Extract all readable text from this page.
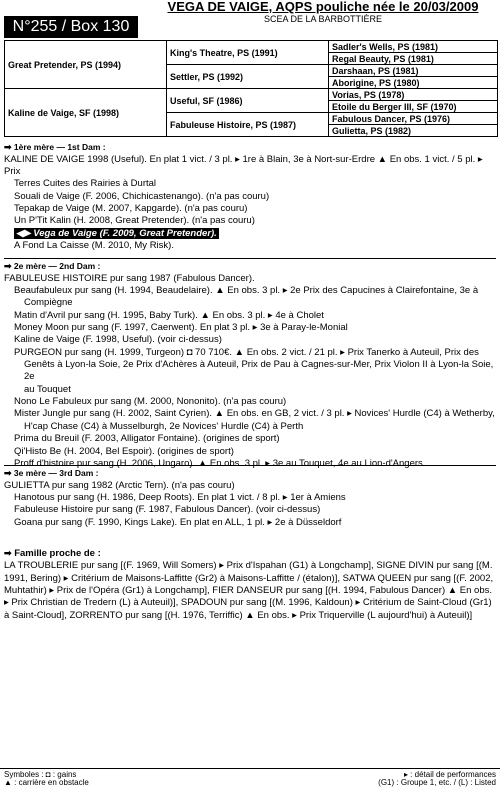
N°255 / Box 130
VEGA DE VAIGE, AQPS pouliche née le 20/03/2009
SCEA DE LA BARBOTTIÈRE
Great Pretender, PS (1994)	King's Theatre, PS (1991)	Sadler's Wells, PS (1981)
		Regal Beauty, PS (1981)
	Settler, PS (1992)	Darshaan, PS (1981)
		Aborigine, PS (1980)
Kaline de Vaige, SF (1998)	Useful, SF (1986)	Vorias, PS (1978)
		Etoile du Berger III, SF (1970)
	Fabuleuse Histoire, PS (1987)	Fabulous Dancer, PS (1976)
		Gulietta, PS (1982)
➡ 1ère mère — 1st Dam :
KALINE DE VAIGE 1998 (Useful). En plat 1 vict. / 3 pl. ▸ 1re à Blain, 3e à Nort-sur-Erdre ▲ En obs. 1 vict. / 5 pl. ▸ Prix
Terres Cuites des Rairies à Durtal
Souali de Vaige (F. 2006, Chichicastenango). (n'a pas couru)
Tepakap de Vaige (M. 2007, Kapgarde). (n'a pas couru)
Un P'Tit Kalin (H. 2008, Great Pretender). (n'a pas couru)
◀▶ Vega de Vaige (F. 2009, Great Pretender).
A Fond La Caisse (M. 2010, My Risk).
➡ 2e mère — 2nd Dam :
FABULEUSE HISTOIRE pur sang 1987 (Fabulous Dancer).
Beaufabuleux pur sang (H. 1994, Beaudelaire). ▲ En obs. 3 pl. ▸ 2e Prix des Capucines à Clairefontaine, 3e à
Compiègne
Matin d'Avril pur sang (H. 1995, Baby Turk). ▲ En obs. 3 pl. ▸ 4e à Cholet
Money Moon pur sang (F. 1997, Caerwent). En plat 3 pl. ▸ 3e à Paray-le-Monial
Kaline de Vaige (F. 1998, Useful). (voir ci-dessus)
PURGEON pur sang (H. 1999, Turgeon) ◘ 70 710€. ▲ En obs. 2 vict. / 21 pl. ▸ Prix Tanerko à Auteuil, Prix des
Genêts à Lyon-la Soie, 2e Prix d'Achères à Auteuil, Prix de Pau à Cagnes-sur-Mer, Prix Violon II à Lyon-la Soie, 2e
au Touquet
Nono Le Fabuleux pur sang (M. 2000, Nononito). (n'a pas couru)
Mister Jungle pur sang (H. 2002, Saint Cyrien). ▲ En obs. en GB, 2 vict. / 3 pl. ▸ Novices' Hurdle (C4) à Wetherby,
H'cap Chase (C4) à Musselburgh, 2e Novices' Hurdle (C4) à Perth
Prima du Breuil (F. 2003, Alligator Fontaine). (origines de sport)
Qi'Histo Be (H. 2004, Bel Espoir). (origines de sport)
Proff d'histoire pur sang (H. 2006, Ungaro). ▲ En obs. 3 pl. ▸ 3e au Touquet, 4e au Lion-d'Angers
➡ 3e mère — 3rd Dam :
GULIETTA pur sang 1982 (Arctic Tern). (n'a pas couru)
Hanotous pur sang (H. 1986, Deep Roots). En plat 1 vict. / 8 pl. ▸ 1er à Amiens
Fabuleuse Histoire pur sang (F. 1987, Fabulous Dancer). (voir ci-dessus)
Goana pur sang (F. 1990, Kings Lake). En plat en ALL, 1 pl. ▸ 2e à Düsseldorf
➡ Famille proche de :
LA TROUBLERIE pur sang [(F. 1969, Will Somers) ▸ Prix d'Ispahan (G1) à Longchamp], SIGNE DIVIN pur sang [(M. 1991, Bering) ▸ Critérium de Maisons-Laffitte (Gr2) à Maisons-Laffitte / (étalon)], SATWA QUEEN pur sang [(F. 2002, Muhtathir) ▸ Prix de l'Opéra (Gr1) à Longchamp], FIER DANSEUR pur sang [(H. 1994, Fabulous Dancer) ▲ En obs. ▸ Prix Christian de Tredern (L) à Auteuil)], SPADOUN pur sang [(M. 1996, Kaldoun) ▸ Critérium de Saint-Cloud (Gr1) à Saint-Cloud], ZORRENTO pur sang [(H. 1976, Terriffic) ▲ En obs. ▸ Prix Triquerville (L aujourd'hui) à Auteuil)]
Symboles : ◘ : gains	▸ : détail de performances
▲ : carrière en obstacle	(G1) : Groupe 1, etc. / (L) : Listed
